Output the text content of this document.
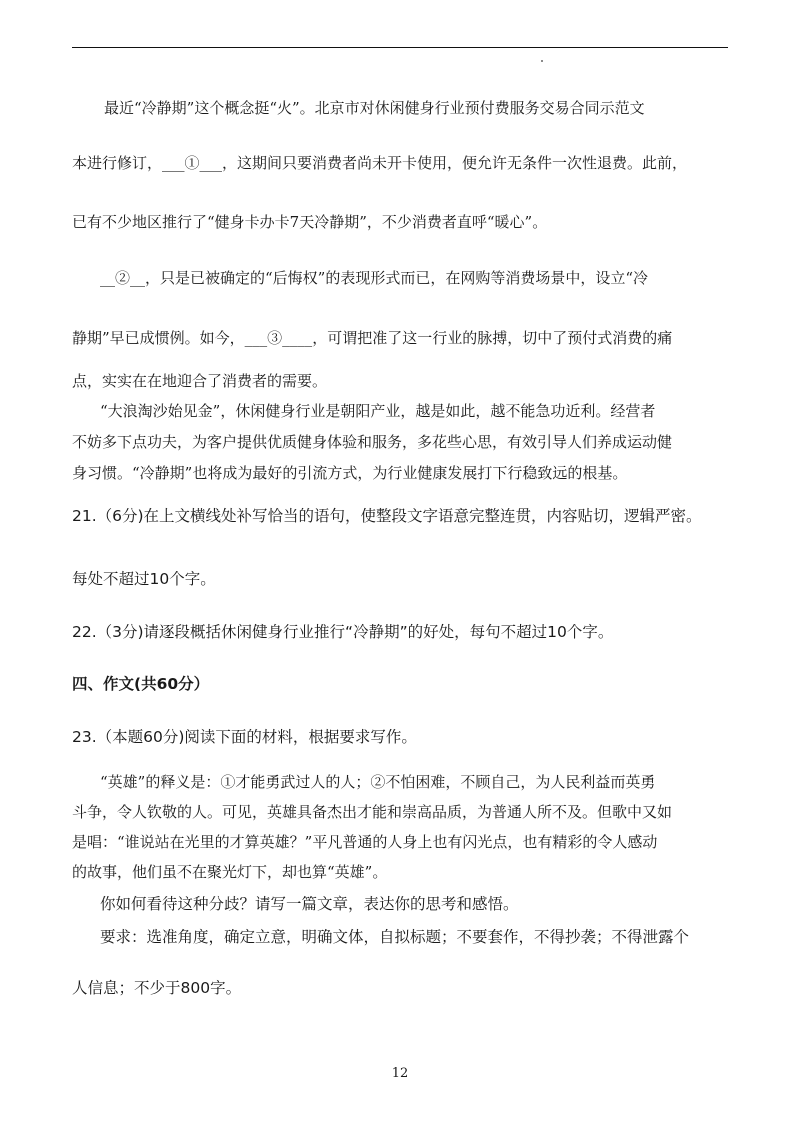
最近“冷静期”这个概念挺“火”。北京市对休闲健身行业预付费服务交易合同示范文
本进行修订，___①___，这期间只要消费者尚未开卡使用，便允许无条件一次性退费。此前，
已有不少地区推行了“健身卡办卡7天冷静期”，不少消费者直呼“暖心”。
__②__，只是已被确定的“后悔权”的表现形式而已，在网购等消费场景中，设立“冷
静期”早已成惯例。如今，___③____，可谓把准了这一行业的脉搏，切中了预付式消费的痛
点，实实在在地迎合了消费者的需要。
“大浪淘沙始见金”，休闲健身行业是朝阳产业，越是如此，越不能急功近利。经营者
不妨多下点功夫，为客户提供优质健身体验和服务，多花些心思，有效引导人们养成运动健
身习惯。“冷静期”也将成为最好的引流方式，为行业健康发展打下行稳致远的根基。
21.（6分)在上文横线处补写恰当的语句，使整段文字语意完整连贯，内容贴切，逻辑严密。
每处不超过10个字。
22.（3分)请逐段概括休闲健身行业推行“冷静期”的好处，每句不超过10个字。
四、作文(共60分）
23.（本题60分)阅读下面的材料，根据要求写作。
“英雄”的释义是：①才能勇武过人的人；②不怕困难，不顾自己，为人民利益而英勇
斗争，令人钦敬的人。可见，英雄具备杰出才能和崇高品质，为普通人所不及。但歌中又如
是唱：“谁说站在光里的才算英雄？”平凡普通的人身上也有闪光点，也有精彩的令人感动
的故事，他们虽不在聚光灯下，却也算“英雄”。
你如何看待这种分歧？请写一篇文章，表达你的思考和感悟。
要求：选准角度，确定立意，明确文体，自拟标题；不要套作，不得抄袭；不得泄露个
人信息；不少于800字。
12
